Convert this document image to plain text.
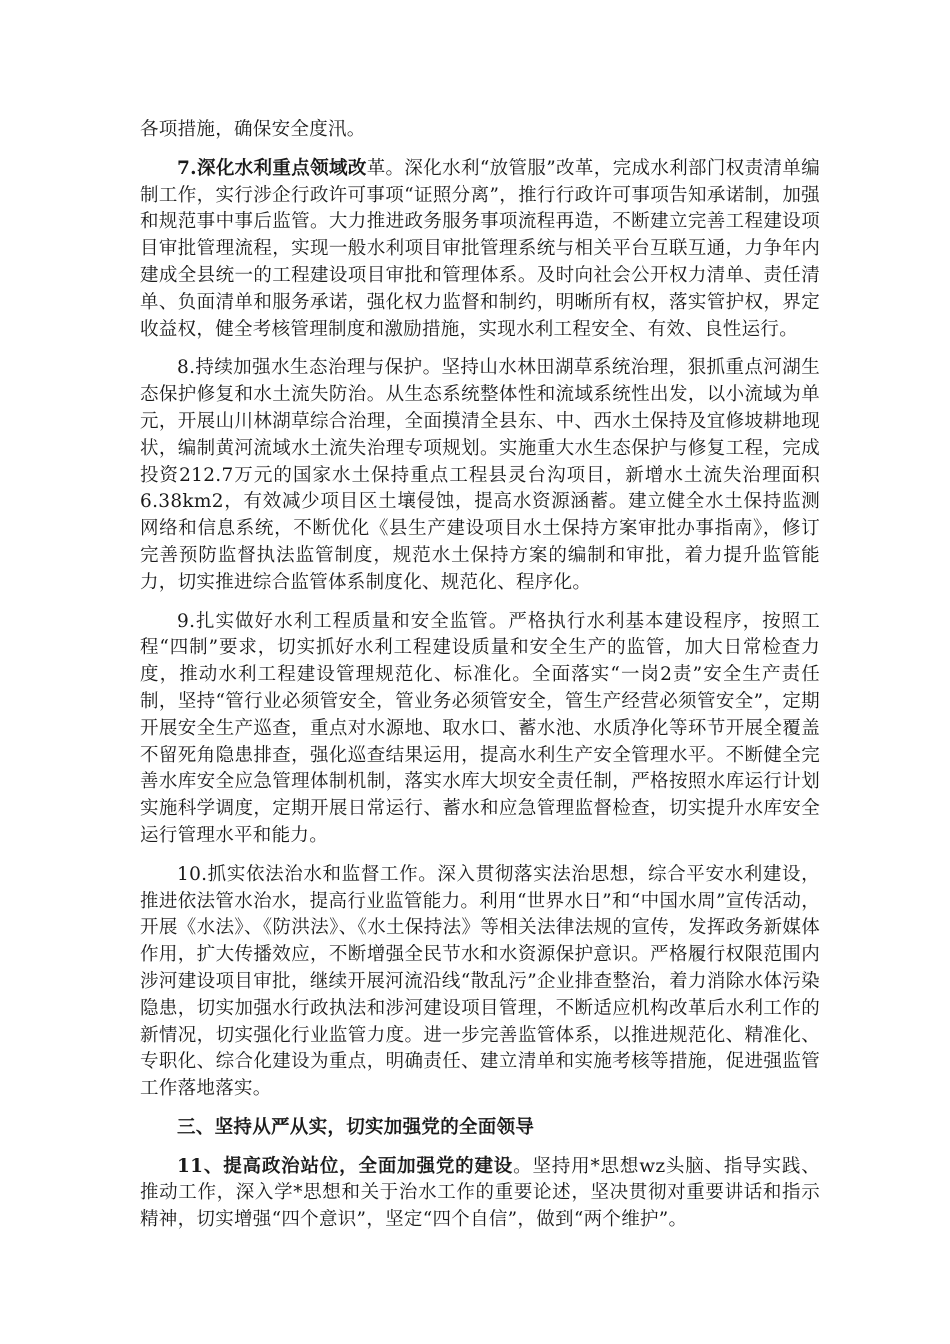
各项措施，确保安全度汛。

7.深化水利重点领域改革。深化水利“放管服”改革，完成水利部门权责清单编制工作，实行涉企行政许可事项“证照分离”，推行行政许可事项告知承诺制，加强和规范事中事后监管。大力推进政务服务事项流程再造，不断建立完善工程建设项目审批管理流程，实现一般水利项目审批管理系统与相关平台互联互通，力争年内建成全县统一的工程建设项目审批和管理体系。及时向社会公开权力清单、责任清单、负面清单和服务承诺，强化权力监督和制约，明晰所有权，落实管护权，界定收益权，健全考核管理制度和激励措施，实现水利工程安全、有效、良性运行。

8.持续加强水生态治理与保护。坚持山水林田湖草系统治理，狠抓重点河湖生态保护修复和水土流失防治。从生态系统整体性和流域系统性出发，以小流域为单元，开展山川林湖草综合治理，全面摸清全县东、中、西水土保持及宜修坡耕地现状，编制黄河流域水土流失治理专项规划。实施重大水生态保护与修复工程，完成投资212.7万元的国家水土保持重点工程县灵台沟项目，新增水土流失治理面积6.38km2，有效减少项目区土壤侵蚀，提高水资源涵蓄。建立健全水土保持监测网络和信息系统，不断优化《县生产建设项目水土保持方案审批办事指南》，修订完善预防监督执法监管制度，规范水土保持方案的编制和审批，着力提升监管能力，切实推进综合监管体系制度化、规范化、程序化。

9.扎实做好水利工程质量和安全监管。严格执行水利基本建设程序，按照工程“四制”要求，切实抓好水利工程建设质量和安全生产的监管，加大日常检查力度，推动水利工程建设管理规范化、标准化。全面落实“一岗2责”安全生产责任制，坚持“管行业必须管安全，管业务必须管安全，管生产经营必须管安全”，定期开展安全生产巡查，重点对水源地、取水口、蓄水池、水质净化等环节开展全覆盖不留死角隐患排查，强化巡查结果运用，提高水利生产安全管理水平。不断健全完善水库安全应急管理体制机制，落实水库大坝安全责任制，严格按照水库运行计划实施科学调度，定期开展日常运行、蓄水和应急管理监督检查，切实提升水库安全运行管理水平和能力。

10.抓实依法治水和监督工作。深入贯彻落实法治思想，综合平安水利建设，推进依法管水治水，提高行业监管能力。利用“世界水日”和“中国水周”宣传活动，开展《水法》、《防洪法》、《水土保持法》等相关法律法规的宣传，发挥政务新媒体作用，扩大传播效应，不断增强全民节水和水资源保护意识。严格履行权限范围内涉河建设项目审批，继续开展河流沿线“散乱污”企业排查整治，着力消除水体污染隐患，切实加强水行政执法和涉河建设项目管理，不断适应机构改革后水利工作的新情况，切实强化行业监管力度。进一步完善监管体系，以推进规范化、精准化、专职化、综合化建设为重点，明确责任、建立清单和实施考核等措施，促进强监管工作落地落实。

三、坚持从严从实，切实加强党的全面领导

11、提高政治站位，全面加强党的建设。坚持用*思想wz头脑、指导实践、推动工作，深入学*思想和关于治水工作的重要论述，坚决贯彻对重要讲话和指示精神，切实增强“四个意识”，坚定“四个自信”，做到“两个维护”。
